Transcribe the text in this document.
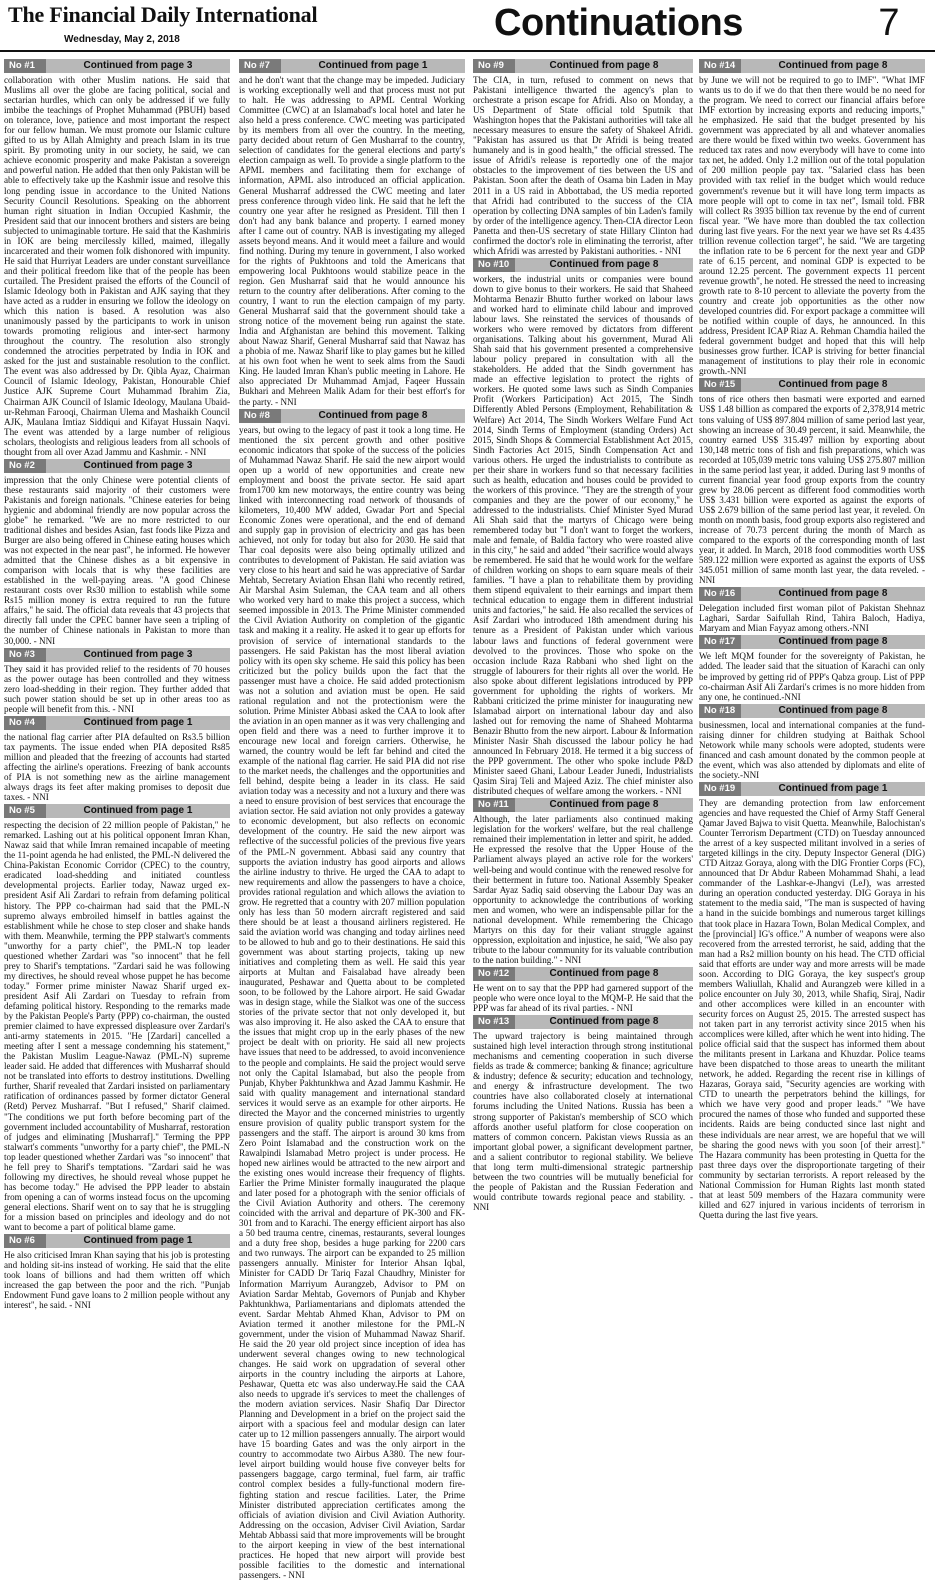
The Financial Daily International
Wednesday, May 2, 2018	Continuations	7
No #1	Continued from page 3
collaboration with other Muslim nations. He said that Muslims all over the globe are facing political, social and sectarian hurdles, which can only be addressed if we fully imbibe the teachings of Prophet Muhammad (PBUH) based on tolerance, love, patience and most important the respect for our fellow human. We must promote our Islamic culture gifted to us by Allah Almighty and preach Islam in its true spirit. By promoting unity in our society, he said, we can achieve economic prosperity and make Pakistan a sovereign and powerful nation. He added that then only Pakistan will be able to effectively take up the Kashmir issue and resolve this long pending issue in accordance to the United Nations Security Council Resolutions. Speaking on the abhorrent human right situation in Indian Occupied Kashmir, the President said that our innocent brothers and sisters are being subjected to unimaginable torture. He said that the Kashmiris in IOK are being mercilessly killed, maimed, illegally incarcerated and their women folk dishonored with impunity. He said that Hurriyat Leaders are under constant surveillance and their political freedom like that of the people has been curtailed. The President praised the efforts of the Council of Islamic Ideology both in Pakistan and AJK saying that they have acted as a rudder in ensuring we follow the ideology on which this nation is based. A resolution was also unanimously passed by the participants to work in unison towards promoting religious and inter-sect harmony throughout the country. The resolution also strongly condemned the atrocities perpetrated by India in IOK and asked for the just and sustainable resolution to the conflict. The event was also addressed by Dr. Qibla Ayaz, Chairman Council of Islamic Ideology, Pakistan, Honourable Chief Justice AJK Supreme Court Muhammad Ibrahim Zia, Chairman AJK Council of Islamic Ideology, Maulana Ubaid-ur-Rehman Farooqi, Chairman Ulema and Mashaikh Council AJK, Maulana Imtiaz Siddiqui and Kifayat Hussain Naqvi. The event was attended by a large number of religious scholars, theologists and religious leaders from all schools of thought from all over Azad Jammu and Kashmir. - NNI
No #2	Continued from page 3
impression that the only Chinese were potential clients of these restaurants said majority of their customers were Pakistanis and foreign nationals. "Chinese eateries for being hygienic and abdominal friendly are now popular across the globe" he remarked. "We are no more restricted to our traditional dishes and besides Asian, fast foods like Pizza and Burger are also being offered in Chinese eating houses which was not expected in the near past", he informed. He however admitted that the Chinese dishes as a bit expensive in comparison with locals that is why these facilities are established in the well-paying areas. "A good Chinese restaurant costs over Rs30 million to establish while some Rs15 million money is extra required to run the future affairs," he said. The official data reveals that 43 projects that directly fall under the CPEC banner have seen a tripling of the number of Chinese nationals in Pakistan to more than 30,000. - NNI
No #3	Continued from page 3
They said it has provided relief to the residents of 70 houses as the power outage has been controlled and they witness zero load-shedding in their region. They further added that such power station should be set up in other areas too as people will benefit from this. - NNI
No #4	Continued from page 1
the national flag carrier after PIA defaulted on Rs3.5 billion tax payments. The issue ended when PIA deposited Rs85 million and pleaded that the freezing of accounts had started affecting the airline's operations. Freezing of bank accounts of PIA is not something new as the airline management always drags its feet after making promises to deposit due taxes. - NNI
No #5	Continued from page 1
respecting the decision of 22 million people of Pakistan," he remarked. Lashing out at his political opponent Imran Khan, Nawaz said that while Imran remained incapable of meeting the 11-point agenda he had enlisted, the PML-N delivered the China-Pakistan Economic Corridor (CPEC) to the country, eradicated load-shedding and initiated countless developmental projects. Earlier today, Nawaz urged ex-president Asif Ali Zardari to refrain from defaming political history. The PPP co-chairman had said that the PML-N supremo always embroiled himself in battles against the establishment while he chose to step closer and shake hands with them. Meanwhile, terming the PPP stalwart's comments "unworthy for a party chief", the PML-N top leader questioned whether Zardari was "so innocent" that he fell prey to Sharif's temptations. "Zardari said he was following my directives, he should reveal whose puppet he has become today." Former prime minister Nawaz Sharif urged ex-president Asif Ali Zardari on Tuesday to refrain from defaming political history. Responding to the remarks made by the Pakistan People's Party (PPP) co-chairman, the ousted premier claimed to have expressed displeasure over Zardari's anti-army statements in 2015. "He [Zardari] cancelled a meeting after I sent a message condemning his statement," the Pakistan Muslim League-Nawaz (PML-N) supreme leader said. He added that differences with Musharraf should not be translated into efforts to destroy institutions. Dwelling further, Sharif revealed that Zardari insisted on parliamentary ratification of ordinances passed by former dictator General (Retd) Pervez Musharraf. "But I refused," Sharif claimed. "The conditions we put forth before becoming part of the government included accountability of Musharraf, restoration of judges and eliminating [Musharraf]." Terming the PPP stalwart's comments "unworthy for a party chief", the PML-N top leader questioned whether Zardari was "so innocent" that he fell prey to Sharif's temptations. "Zardari said he was following my directives, he should reveal whose puppet he has become today." He advised the PPP leader to abstain from opening a can of worms instead focus on the upcoming general elections. Sharif went on to say that he is struggling for a mission based on principles and ideology and do not want to become a part of political blame game.
No #6	Continued from page 1
He also criticised Imran Khan saying that his job is protesting and holding sit-ins instead of working. He said that the elite took loans of billions and had them written off which increased the gap between the poor and the rich. "Punjab Endowment Fund gave loans to 2 million people without any interest", he said. - NNI
No #7	Continued from page 1
and he don't want that the change may be impeded. Judiciary is working exceptionally well and that process must not put to halt. He was addressing to APML Central Working Committee (CWC) at an Islamabad's local hotel and later he also held a press conference. CWC meeting was participated by its members from all over the country. In the meeting, party decided about return of Gen Musharraf to the country, selection of candidates for the general elections and party's election campaign as well. To provide a single platform to the APML members and facilitating them for exchange of information, APML also introduced an official application. General Musharraf addressed the CWC meeting and later press conference through video link. He said that he left the country one year after he resigned as President. Till then I don't had any bank balance and property. I earned money after I came out of country. NAB is investigating my alleged assets beyond means. And it would meet a failure and would find nothing. During my tenure in government, I also worked for the rights of Pukhtoons and told the Americans that empowering local Pukhtoons would stabilize peace in the region. Gen Musharraf said that he would announce his return to the country after deliberations. After coming to the country, I want to run the election campaign of my party. General Musharraf said that the government should take a strong notice of the movement being run against the state. India and Afghanistan are behind this movement. Talking about Nawaz Sharif, General Musharraf said that Nawaz has a phobia of me. Nawaz Sharif like to play games but he killed at his own foot when he went to seek alms from the Saudi King. He lauded Imran Khan's public meeting in Lahore. He also appreciated Dr Muhammad Amjad, Faqeer Hussain Bukhari and Mehreen Malik Adam for their best effort's for the party. - NNI
No #8	Continued from page 8
years, but owing to the legacy of past it took a long time. He mentioned the six percent growth and other positive economic indicators that spoke of the success of the policies of Muhammad Nawaz Sharif. He said the new airport would open up a world of new opportunities and create new employment and boost the private sector. He said apart from1700 km new motorways, the entire country was being linked with interconnecting road network of thousands of kilometers, 10,400 MW added, Gwadar Port and Special Economic Zones were operational, and the end of demand and supply gap in provision of electricity and gas has been achieved, not only for today but also for 2030. He said that Thar coal deposits were also being optimally utilized and contributes to development of Pakistan. He said aviation was very close to his heart and said he was appreciative of Sardar Mehtab, Secretary Aviation Ehsan Ilahi who recently retired, Air Marshal Asim Suleman, the CAA team and all others who worked very hard to make this project a success, which seemed impossible in 2013. The Prime Minister commended the Civil Aviation Authority on completion of the gigantic task and making it a reality. He asked it to gear up efforts for provision of service of international standards to the passengers. He said Pakistan has the most liberal aviation policy with its open sky scheme. He said this policy has been criticized but the policy builds upon the fact that the passenger must have a choice. He said added protectionism was not a solution and aviation must be open. He said rational regulation and not the protectionism were the solution. Prime Minister Abbasi asked the CAA to look after the aviation in an open manner as it was very challenging and open field and there was a need to further improve it to encourage new local and foreign carriers. Otherwise, he warned, the country would be left far behind and cited the example of the national flag carrier. He said PIA did not rise to the market needs, the challenges and the opportunities and fell behind, despite being a leader in its class. He said aviation today was a necessity and not a luxury and there was a need to ensure provision of best services that encourage the aviation sector. He said aviation not only provides a gateway to economic development, but also reflects on economic development of the country. He said the new airport was reflective of the successful policies of the previous five years of the PML-N government. Abbasi said any country that supports the aviation industry has good airports and allows the airline industry to thrive. He urged the CAA to adapt to new requirements and allow the passengers to have a choice, provides rational regulation and which allows the aviation to grow. He regretted that a country with 207 million population only has less than 50 modern aircraft registered and said there should be at least a thousand airliners registered. He said the aviation world was changing and today airlines need to be allowed to hub and go to their destinations. He said this government was about starting projects, taking up new initiatives and completing them as well. He said this year airports at Multan and Faisalabad have already been inaugurated, Peshawar and Quetta about to be completed soon, to be followed by the Lahore airport. He said Gwadar was in design stage, while the Sialkot was one of the success stories of the private sector that not only developed it, but was also improving it. He also asked the CAA to ensure that the issues that might crop up in the early phases of the new project be dealt with on priority. He said all new projects have issues that need to be addressed, to avoid inconvenience to the people and complaints. He said the project would serve not only the Capital Islamabad, but also the people from Punjab, Khyber Pakhtunkhwa and Azad Jammu Kashmir. He said with quality management and international standard services it would serve as an example for other airports. He directed the Mayor and the concerned ministries to urgently ensure provision of quality public transport system for the passengers and the staff. The airport is around 30 kms from Zero Point Islamabad and the construction work on the Rawalpindi Islamabad Metro project is under process. He hoped new airlines would be attracted to the new airport and the existing ones would increase their frequency of flights. Earlier the Prime Minister formally inaugurated the plaque and later posed for a photograph with the senior officials of the Civil Aviation Authority and others. The ceremony coincided with the arrival and departure of PK-300 and FK-301 from and to Karachi. The energy efficient airport has also a 50 bed trauma centre, cinemas, restaurants, several lounges and a duty free shop, besides a huge parking for 2200 cars and two runways. The airport can be expanded to 25 million passengers annually. Minister for Interior Ahsan Iqbal, Minister for CADD Dr Tariq Fazal Chaudhry, Minister for Information Marriyum Aurangzeb, Advisor to PM on Aviation Sardar Mehtab, Governors of Punjab and Khyber Pakhtunkhwa, Parliamentarians and diplomats attended the event. Sardar Mehtab Ahmed Khan, Advisor to PM on Aviation termed it another milestone for the PML-N government, under the vision of Muhammad Nawaz Sharif. He said the 20 year old project since inception of idea has underwent several changes owing to new technological changes. He said work on upgradation of several other airports in the country including the airports at Lahore, Peshawar, Quetta etc was also underway.He said the CAA also needs to upgrade it's services to meet the challenges of the modern aviation services. Nasir Shafiq Dar Director Planning and Development in a brief on the project said the airport with a spacious feel and modular design can later cater up to 12 million passengers annually. The airport would have 15 boarding Gates and was the only airport in the country to accommodate two Airbus A380. The new four-level airport building would house five conveyer belts for passengers baggage, cargo terminal, fuel farm, air traffic control complex besides a fully-functional modern fire-fighting station and rescue facilities. Later, the Prime Minister distributed appreciation certificates among the officials of aviation division and Civil Aviation Authority. Addressing on the occasion, Adviser Civil Aviation, Sardar Mehtab Abbassi said that more improvements will be brought to the airport keeping in view of the best international practices. He hoped that new airport will provide best possible facilities to the domestic and international passengers. - NNI
No #9	Continued from page 8
The CIA, in turn, refused to comment on news that Pakistani intelligence thwarted the agency's plan to orchestrate a prison escape for Afridi. Also on Monday, a US Department of State official told Sputnik that Washington hopes that the Pakistani authorities will take all necessary measures to ensure the safety of Shakeel Afridi. "Pakistan has assured us that Dr Afridi is being treated humanely and is in good health," the official stressed. The issue of Afridi's release is reportedly one of the major obstacles to the improvement of ties between the US and Pakistan. Soon after the death of Osama bin Laden in May 2011 in a US raid in Abbottabad, the US media reported that Afridi had contributed to the success of the CIA operation by collecting DNA samples of bin Laden's family by order of the intelligence agency. Then-CIA director Leon Panetta and then-US secretary of state Hillary Clinton had confirmed the doctor's role in eliminating the terrorist, after which Afridi was arrested by Pakistani authorities. - NNI
No #10	Continued from page 8
workers, the industrial units or companies were bound down to give bonus to their workers. He said that Shaheed Mohtarma Benazir Bhutto further worked on labour laws and worked hard to eliminate child labour and improved labour laws. She reinstated the services of thousands of workers who were removed by dictators from different organisations. Talking about his government, Murad Ali Shah said that his government presented a comprehensive labour policy prepared in consultation with all the stakeholders. He added that the Sindh government has made an effective legislation to protect the rights of workers. He quoted some laws such as Sindh Companies Profit (Workers Participation) Act 2015, The Sindh Differently Abled Persons (Employment, Rehabilitation & Welfare) Act 2014, The Sindh Workers Welfare Fund Act 2014, Sindh Terms of Employment (standing Orders) Act 2015, Sindh Shops & Commercial Establishment Act 2015, Sindh Factories Act 2015, Sindh Compensation Act and various others. He urged the industrialists to contribute as per their share in workers fund so that necessary facilities such as health, education and houses could be provided to the workers of this province. "They are the strength of your companies and they are the power of our economy," he addressed to the industrialists. Chief Minister Syed Murad Ali Shah said that the martyrs of Chicago were being remembered today but "I don't want to forget the workers, male and female, of Baldia factory who were roasted alive in this city," he said and added "their sacrifice would always be remembered. He said that he would work for the welfare of children working on shops to earn square meals of their families. "I have a plan to rehabilitate them by providing them stipend equivalent to their earnings and impart them technical education to engage them in different industrial units and factories," he said. He also recalled the services of Asif Zardari who introduced 18th amendment during his tenure as a President of Pakistan under which various labour laws and functions of federal government were devolved to the provinces. Those who spoke on the occasion include Raza Rabbani who shed light on the struggle of labourers for their rights all over the world. He also spoke about different legislations introduced by PPP government for upholding the rights of workers. Mr Rabbani criticized the prime minister for inaugurating new Islamabad airport on international labour day and also lashed out for removing the name of Shaheed Mohtarma Benazir Bhutto from the new airport. Labour & Information Minister Nasir Shah discussed the labour policy he had announced In February 2018. He termed it a big success of the PPP government. The other who spoke include P&D Minister saeed Ghani, Labour Leader Junedi, Industrialists Qasim Siraj Teli and Majeed Aziz. The chief minister also distributed cheques of welfare among the workers. - NNI
No #11	Continued from page 8
Although, the later parliaments also continued making legislation for the workers' welfare, but the real challenge remained their implementation in letter and spirit, he added. He expressed the resolve that the Upper House of the Parliament always played an active role for the workers' well-being and would continue with the renewed resolve for their betterment in future too. National Assembly Speaker Sardar Ayaz Sadiq said observing the Labour Day was an opportunity to acknowledge the contributions of working men and women, who were an indispensable pillar for the national development. While remembering the Chicago Martyrs on this day for their valiant struggle against oppression, exploitation and injustice, he said, "We also pay tribute to the labour community for its valuable contribution to the nation building." - NNI
No #12	Continued from page 8
He went on to say that the PPP had garnered support of the people who were once loyal to the MQM-P. He said that the PPP was far ahead of its rival parties. - NNI
No #13	Continued from page 8
The upward trajectory is being maintained through sustained high level interaction through strong institutional mechanisms and cementing cooperation in such diverse fields as trade & commerce; banking & finance; agriculture & industry; defence & security; education and technology, and energy & infrastructure development. The two countries have also collaborated closely at international forums including the United Nations. Russia has been a strong supporter of Pakistan's membership of SCO which affords another useful platform for close cooperation on matters of common concern. Pakistan views Russia as an important global power, a significant development partner, and a salient contributor to regional stability. We believe that long term multi-dimensional strategic partnership between the two countries will be mutually beneficial for the people of Pakistan and the Russian Federation and would contribute towards regional peace and stability. - NNI
No #14	Continued from page 8
by June we will not be required to go to IMF". "What IMF wants us to do if we do that then there would be no need for the program. We need to correct our financial affairs before IMF extortion by increasing exports and reducing imports," he emphasized. He said that the budget presented by his government was appreciated by all and whatever anomalies are there would be fixed within two weeks. Government has reduced tax rates and now everybody will have to come into tax net, he added. Only 1.2 million out of the total population of 200 million people pay tax. "Salaried class has been provided with tax relief in the budget which would reduce government's revenue but it will have long term impacts as more people will opt to come in tax net", Ismail told. FBR will collect Rs 3935 billion tax revenue by the end of current fiscal year. "We have more than doubled the tax collection during last five years. For the next year we have set Rs 4.435 trillion revenue collection target", he said. "We are targeting the inflation rate to be 6 percent for the next year and GDP rate of 6.15 percent, and nominal GDP is expected to be around 12.25 percent. The government expects 11 percent revenue growth", he noted. He stressed the need to increasing growth rate to 8-10 percent to alleviate the poverty from the country and create job opportunities as the other now developed countries did. For export package a committee will be notified within couple of days, he announced. In this address, President ICAP Riaz A. Rehman Chamdia hailed the federal government budget and hoped that this will help businesses grow further. ICAP is striving for better financial management of institutions to play their role in economic growth.-NNI
No #15	Continued from page 8
tons of rice others then basmati were exported and earned US$ 1.48 billion as compared the exports of 2,378,914 metric tons valuing of US$ 897.804 million of same period last year, showing an increase of 30.49 percent, it said. Meanwhile, the country earned US$ 315.497 million by exporting about 130,148 metric tons of fish and fish preparations, which was recorded at 105,039 metric tons valuing US$ 275.807 million in the same period last year, it added. During last 9 months of current financial year food group exports from the country grew by 28.06 percent as different food commodities worth US$ 3.431 billion were exported as against the exports of US$ 2.679 billion of the same period last year, it reveled. On month on month basis, food group exports also registered and increase of 70.73 percent during the month of March as compared to the exports of the corresponding month of last year, it added. In March, 2018 food commodities worth US$ 589.122 million were exported as against the exports of US$ 345.051 million of same month last year, the data reveled. - NNI
No #16	Continued from page 8
Delegation included first woman pilot of Pakistan Shehnaz Laghari, Sardar Saifullah Rind, Tahira Baloch, Hadiya, Maryam and Mian Fayyaz among others.-NNI
No #17	Continued from page 8
We left MQM founder for the sovereignty of Pakistan, he added. The leader said that the situation of Karachi can only be improved by getting rid of PPP's Qabza group. List of PPP co-chairman Asif Ali Zardari's crimes is no more hidden from any one, he continued.-NNI
No #18	Continued from page 8
businessmen, local and international companies at the fund-raising dinner for children studying at Baithak School Netowork while many schools were adopted, students were financed and cash amount donated by the common people at the event, which was also attended by diplomats and elite of the society.-NNI
No #19	Continued from page 1
They are demanding protection from law enforcement agencies and have requested the Chief of Army Staff General Qamar Javed Bajwa to visit Quetta. Meanwhile, Balochistan's Counter Terrorism Department (CTD) on Tuesday announced the arrest of a key suspected militant involved in a series of targeted killings in the city. Deputy Inspector General (DIG) CTD Aitzaz Goraya, along with the DIG Frontier Corps (FC), announced that Dr Abdur Rabeen Mohammad Shahi, a lead commander of the Lashkar-e-Jhangvi (LeJ), was arrested during an operation conducted yesterday. DIG Goraya in his statement to the media said, "The man is suspected of having a hand in the suicide bombings and numerous target killings that took place in Hazara Town, Bolan Medical Complex, and the [provincial] IG's office." A number of weapons were also recovered from the arrested terrorist, he said, adding that the man had a Rs2 million bounty on his head. The CTD official said that efforts are under way and more arrests will be made soon. According to DIG Goraya, the key suspect's group members Waliullah, Khalid and Aurangzeb were killed in a police encounter on July 30, 2013, while Shafiq, Siraj, Nadir and other accomplices were killed in an encounter with security forces on August 25, 2015. The arrested suspect has not taken part in any terrorist activity since 2015 when his accomplices were killed, after which he went into hiding. The police official said that the suspect has informed them about the militants present in Larkana and Khuzdar. Police teams have been dispatched to those areas to unearth the militant network, he added. Regarding the recent rise in killings of Hazaras, Goraya said, "Security agencies are working with CTD to unearth the perpetrators behind the killings, for which we have very good and proper leads." "We have procured the names of those who funded and supported these incidents. Raids are being conducted since last night and these individuals are near arrest, we are hopeful that we will be sharing the good news with you soon [of their arrest]." The Hazara community has been protesting in Quetta for the past three days over the disproportionate targeting of their community by sectarian terrorists. A report released by the National Commission for Human Rights last month stated that at least 509 members of the Hazara community were killed and 627 injured in various incidents of terrorism in Quetta during the last five years.
